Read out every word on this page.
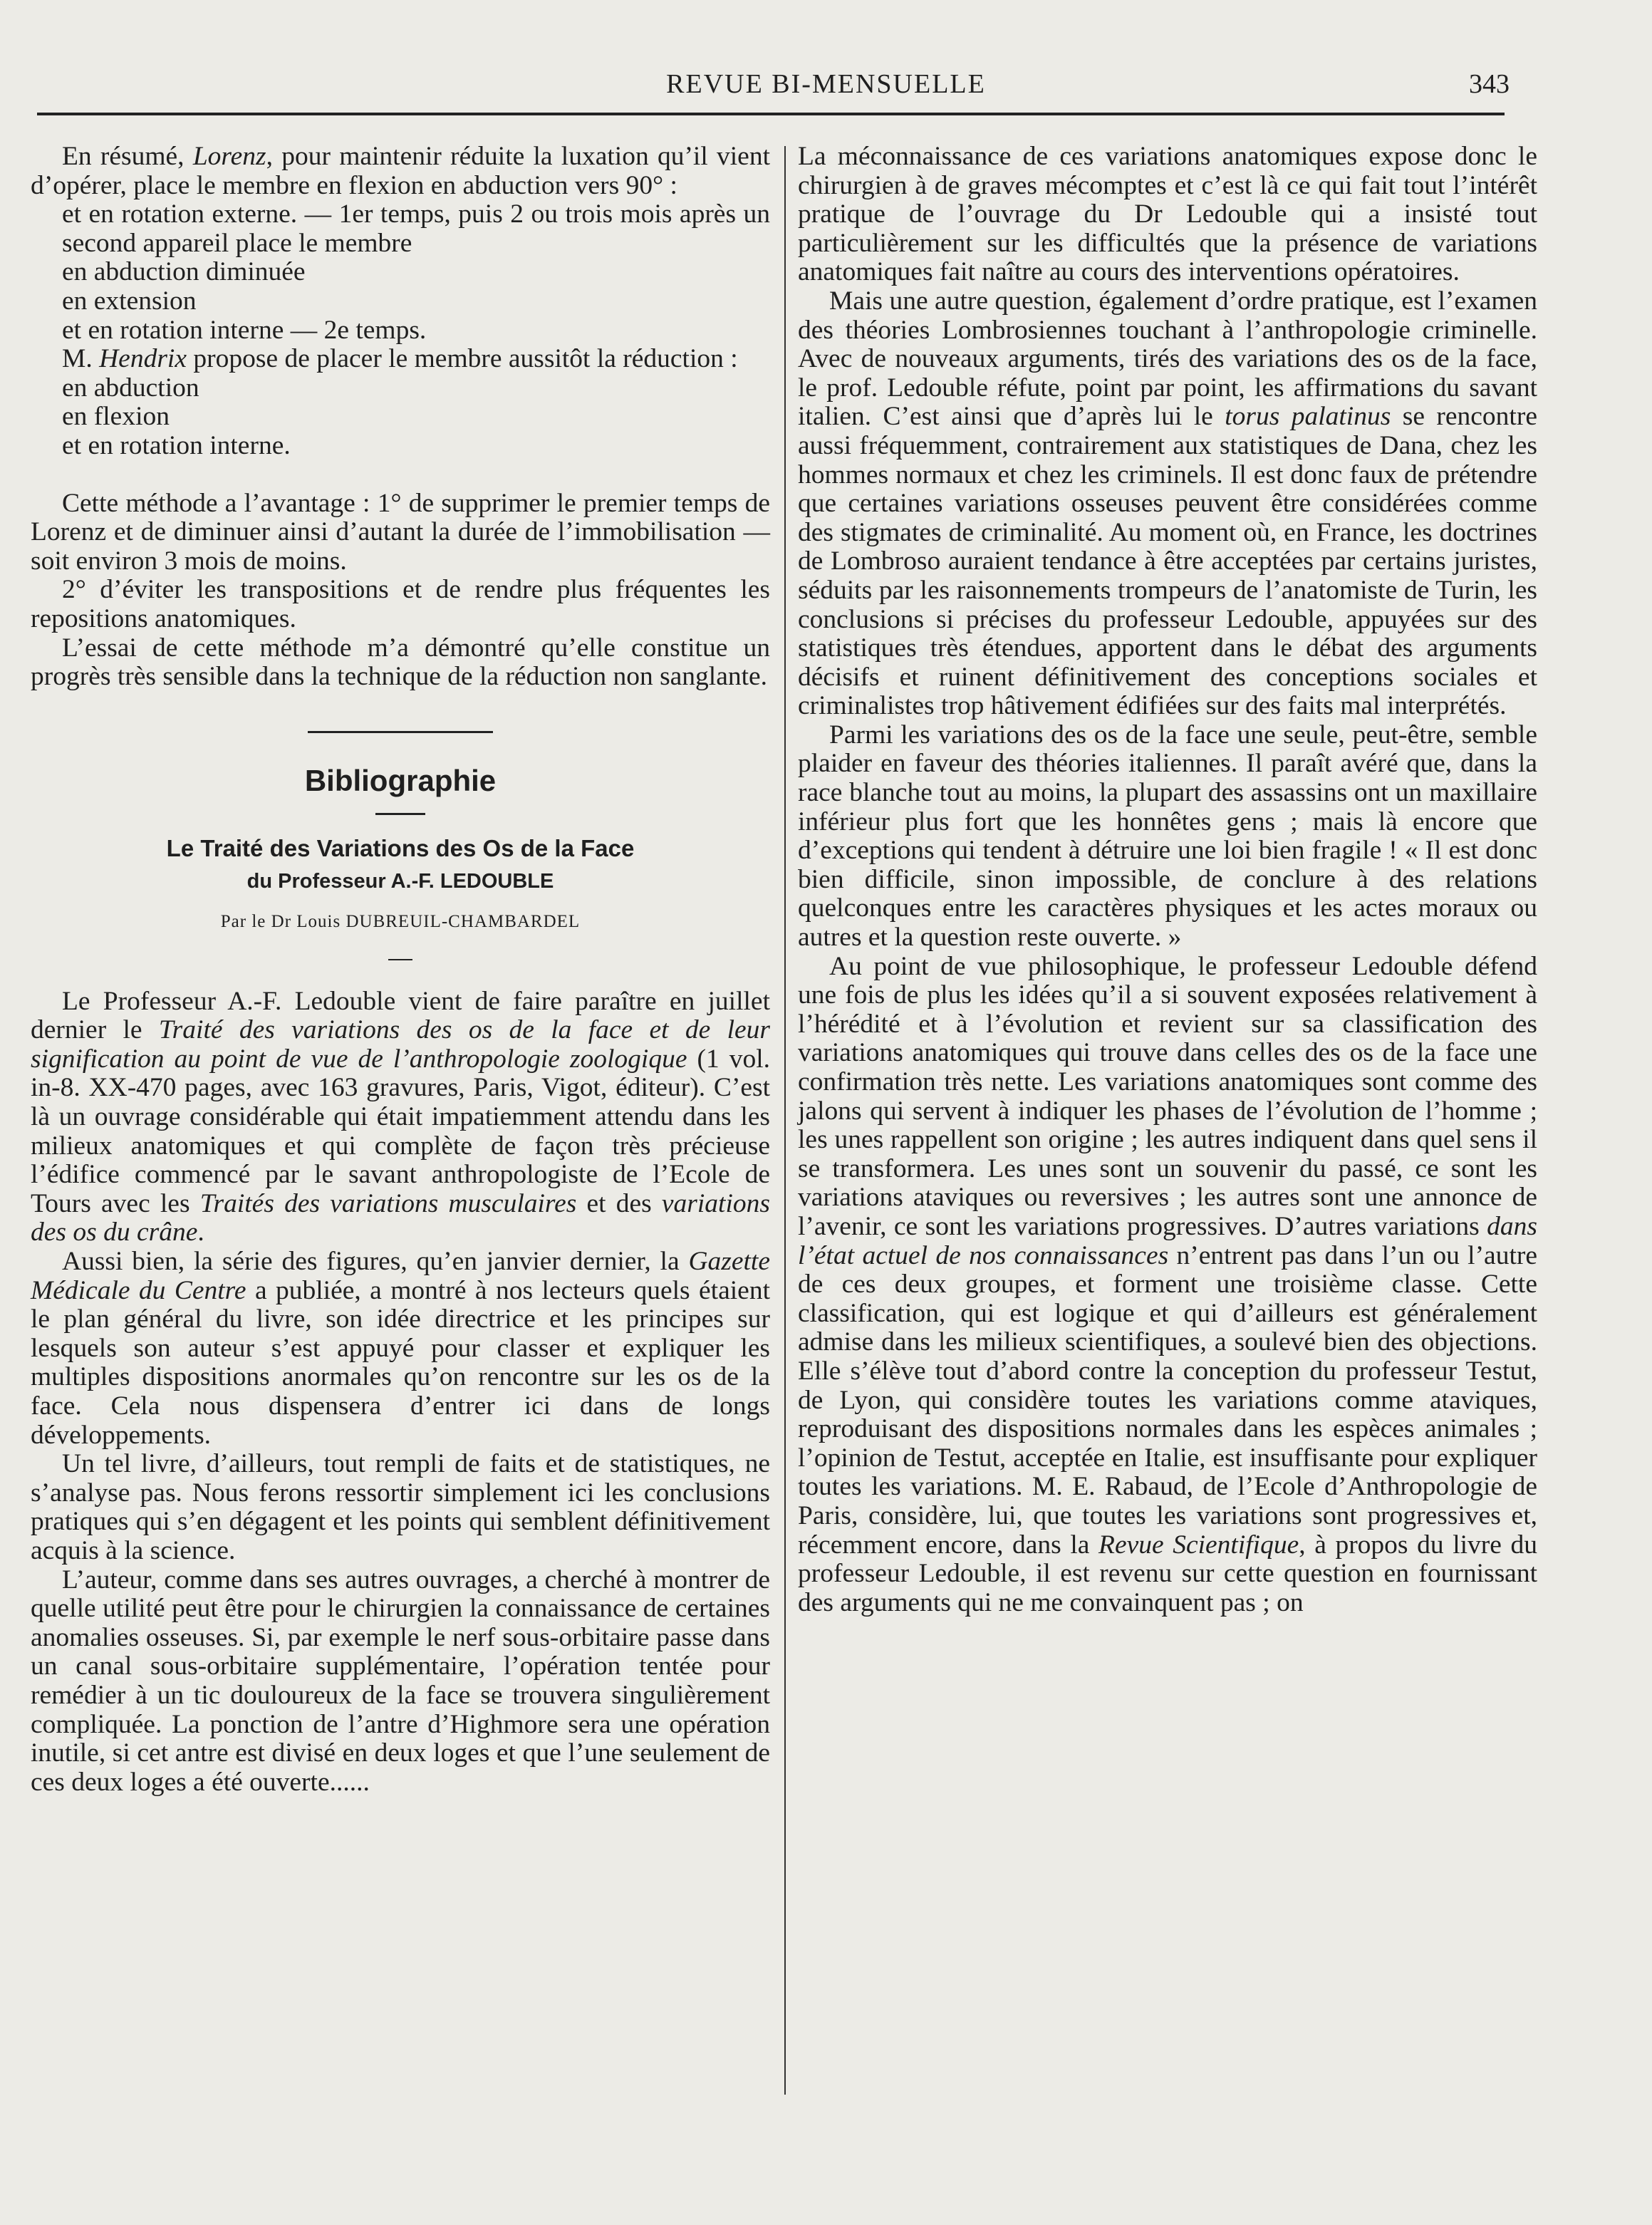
REVUE BI-MENSUELLE	343

En résumé, Lorenz, pour maintenir réduite la luxation qu’il vient d’opérer, place le membre en flexion en abduction vers 90° :

et en rotation externe. — 1er temps, puis 2 ou trois mois après un second appareil place le membre

en abduction diminuée

en extension

et en rotation interne — 2e temps.

M. Hendrix propose de placer le membre aussitôt la réduction :

en abduction

en flexion

et en rotation interne.

Cette méthode a l’avantage : 1° de supprimer le premier temps de Lorenz et de diminuer ainsi d’autant la durée de l’immobilisation — soit environ 3 mois de moins.

2° d’éviter les transpositions et de rendre plus fréquentes les repositions anatomiques.

L’essai de cette méthode m’a démontré qu’elle constitue un progrès très sensible dans la technique de la réduction non sanglante.

Bibliographie
Le Traité des Variations des Os de la Face
du Professeur A.-F. LEDOUBLE
Par le Dr Louis DUBREUIL-CHAMBARDEL

Le Professeur A.-F. Ledouble vient de faire paraître en juillet dernier le Traité des variations des os de la face et de leur signification au point de vue de l’anthropologie zoologique (1 vol. in-8. XX-470 pages, avec 163 gravures, Paris, Vigot, éditeur). C’est là un ouvrage considérable qui était impatiemment attendu dans les milieux anatomiques et qui complète de façon très précieuse l’édifice commencé par le savant anthropologiste de l’Ecole de Tours avec les Traités des variations musculaires et des variations des os du crâne.

Aussi bien, la série des figures, qu’en janvier dernier, la Gazette Médicale du Centre a publiée, a montré à nos lecteurs quels étaient le plan général du livre, son idée directrice et les principes sur lesquels son auteur s’est appuyé pour classer et expliquer les multiples dispositions anormales qu’on rencontre sur les os de la face. Cela nous dispensera d’entrer ici dans de longs développements.

Un tel livre, d’ailleurs, tout rempli de faits et de statistiques, ne s’analyse pas. Nous ferons ressortir simplement ici les conclusions pratiques qui s’en dégagent et les points qui semblent définitivement acquis à la science.

L’auteur, comme dans ses autres ouvrages, a cherché à montrer de quelle utilité peut être pour le chirurgien la connaissance de certaines anomalies osseuses. Si, par exemple le nerf sous-orbitaire passe dans un canal sous-orbitaire supplémentaire, l’opération tentée pour remédier à un tic douloureux de la face se trouvera singulièrement compliquée. La ponction de l’antre d’Highmore sera une opération inutile, si cet antre est divisé en deux loges et que l’une seulement de ces deux loges a été ouverte......

La méconnaissance de ces variations anatomiques expose donc le chirurgien à de graves mécomptes et c’est là ce qui fait tout l’intérêt pratique de l’ouvrage du Dr Ledouble qui a insisté tout particulièrement sur les difficultés que la présence de variations anatomiques fait naître au cours des interventions opératoires.

Mais une autre question, également d’ordre pratique, est l’examen des théories Lombrosiennes touchant à l’anthropologie criminelle. Avec de nouveaux arguments, tirés des variations des os de la face, le prof. Ledouble réfute, point par point, les affirmations du savant italien. C’est ainsi que d’après lui le torus palatinus se rencontre aussi fréquemment, contrairement aux statistiques de Dana, chez les hommes normaux et chez les criminels. Il est donc faux de prétendre que certaines variations osseuses peuvent être considérées comme des stigmates de criminalité. Au moment où, en France, les doctrines de Lombroso auraient tendance à être acceptées par certains juristes, séduits par les raisonnements trompeurs de l’anatomiste de Turin, les conclusions si précises du professeur Ledouble, appuyées sur des statistiques très étendues, apportent dans le débat des arguments décisifs et ruinent définitivement des conceptions sociales et criminalistes trop hâtivement édifiées sur des faits mal interprétés.

Parmi les variations des os de la face une seule, peut-être, semble plaider en faveur des théories italiennes. Il paraît avéré que, dans la race blanche tout au moins, la plupart des assassins ont un maxillaire inférieur plus fort que les honnêtes gens ; mais là encore que d’exceptions qui tendent à détruire une loi bien fragile ! « Il est donc bien difficile, sinon impossible, de conclure à des relations quelconques entre les caractères physiques et les actes moraux ou autres et la question reste ouverte. »

Au point de vue philosophique, le professeur Ledouble défend une fois de plus les idées qu’il a si souvent exposées relativement à l’hérédité et à l’évolution et revient sur sa classification des variations anatomiques qui trouve dans celles des os de la face une confirmation très nette. Les variations anatomiques sont comme des jalons qui servent à indiquer les phases de l’évolution de l’homme ; les unes rappellent son origine ; les autres indiquent dans quel sens il se transformera. Les unes sont un souvenir du passé, ce sont les variations ataviques ou reversives ; les autres sont une annonce de l’avenir, ce sont les variations progressives. D’autres variations dans l’état actuel de nos connaissances n’entrent pas dans l’un ou l’autre de ces deux groupes, et forment une troisième classe. Cette classification, qui est logique et qui d’ailleurs est généralement admise dans les milieux scientifiques, a soulevé bien des objections. Elle s’élève tout d’abord contre la conception du professeur Testut, de Lyon, qui considère toutes les variations comme ataviques, reproduisant des dispositions normales dans les espèces animales ; l’opinion de Testut, acceptée en Italie, est insuffisante pour expliquer toutes les variations. M. E. Rabaud, de l’Ecole d’Anthropologie de Paris, considère, lui, que toutes les variations sont progressives et, récemment encore, dans la Revue Scientifique, à propos du livre du professeur Ledouble, il est revenu sur cette question en fournissant des arguments qui ne me convainquent pas ; on
